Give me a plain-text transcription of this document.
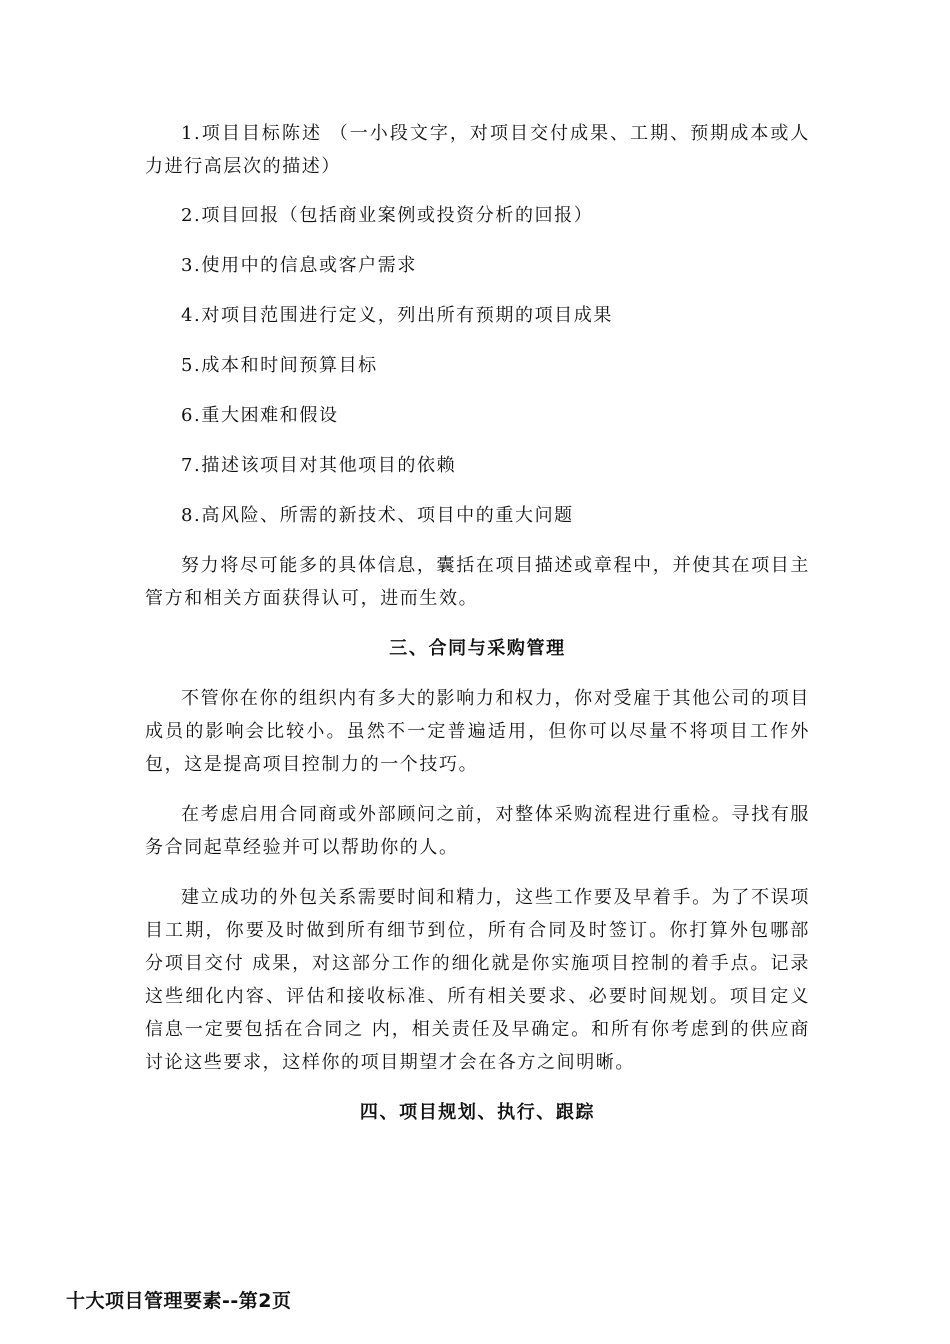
1.项目目标陈述 （一小段文字，对项目交付成果、工期、预期成本或人力进行高层次的描述）

2.项目回报（包括商业案例或投资分析的回报）

3.使用中的信息或客户需求

4.对项目范围进行定义，列出所有预期的项目成果

5.成本和时间预算目标

6.重大困难和假设

7.描述该项目对其他项目的依赖

8.高风险、所需的新技术、项目中的重大问题

努力将尽可能多的具体信息，囊括在项目描述或章程中，并使其在项目主管方和相关方面获得认可，进而生效。

三、合同与采购管理

不管你在你的组织内有多大的影响力和权力，你对受雇于其他公司的项目成员的影响会比较小。虽然不一定普遍适用，但你可以尽量不将项目工作外包，这是提高项目控制力的一个技巧。

在考虑启用合同商或外部顾问之前，对整体采购流程进行重检。寻找有服务合同起草经验并可以帮助你的人。

建立成功的外包关系需要时间和精力，这些工作要及早着手。为了不误项目工期，你要及时做到所有细节到位，所有合同及时签订。你打算外包哪部分项目交付 成果，对这部分工作的细化就是你实施项目控制的着手点。记录这些细化内容、评估和接收标准、所有相关要求、必要时间规划。项目定义信息一定要包括在合同之 内，相关责任及早确定。和所有你考虑到的供应商讨论这些要求，这样你的项目期望才会在各方之间明晰。

四、项目规划、执行、跟踪
十大项目管理要素--第2页
